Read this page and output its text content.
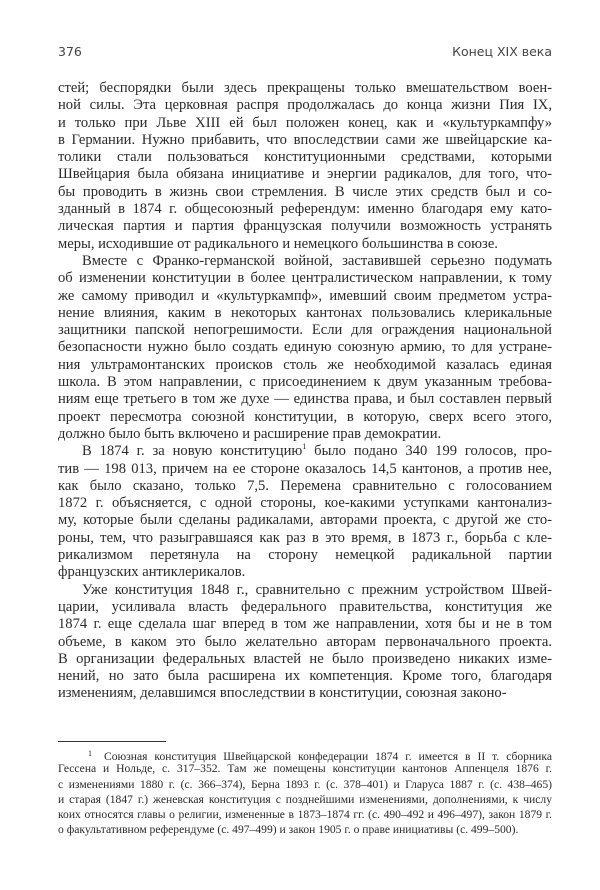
376	Конец XIX века
стей; беспорядки были здесь прекращены только вмешательством воен-
ной силы. Эта церковная распря продолжалась до конца жизни Пия IX,
и только при Льве XIII ей был положен конец, как и «культуркампфу»
в Германии. Нужно прибавить, что впоследствии сами же швейцарские ка-
толики стали пользоваться конституционными средствами, которыми
Швейцария была обязана инициативе и энергии радикалов, для того, что-
бы проводить в жизнь свои стремления. В числе этих средств был и со-
зданный в 1874 г. общесоюзный референдум: именно благодаря ему като-
лическая партия и партия французская получили возможность устранять
меры, исходившие от радикального и немецкого большинства в союзе.
Вместе с Франко-германской войной, заставившей серьезно подумать
об изменении конституции в более централистическом направлении, к тому
же самому приводил и «культуркампф», имевший своим предметом устра-
нение влияния, каким в некоторых кантонах пользовались клерикальные
защитники папской непогрешимости. Если для ограждения национальной
безопасности нужно было создать единую союзную армию, то для устране-
ния ультрамонтанских происков столь же необходимой казалась единая
школа. В этом направлении, с присоединением к двум указанным требова-
ниям еще третьего в том же духе — единства права, и был составлен первый
проект пересмотра союзной конституции, в которую, сверх всего этого,
должно было быть включено и расширение прав демократии.
В 1874 г. за новую конституцию$^1$ было подано 340 199 голосов, про-
тив — 198 013, причем на ее стороне оказалось 14,5 кантонов, а против нее,
как было сказано, только 7,5. Перемена сравнительно с голосованием
1872 г. объясняется, с одной стороны, кое-какими уступками кантонализ-
му, которые были сделаны радикалами, авторами проекта, с другой же сто-
роны, тем, что разыгравшаяся как раз в это время, в 1873 г., борьба с кле-
рикализмом перетянула на сторону немецкой радикальной партии
французских антиклерикалов.
Уже конституция 1848 г., сравнительно с прежним устройством Швей-
царии, усиливала власть федерального правительства, конституция же
1874 г. еще сделала шаг вперед в том же направлении, хотя бы и не в том
объеме, в каком это было желательно авторам первоначального проекта.
В организации федеральных властей не было произведено никаких изме-
нений, но зато была расширена их компетенция. Кроме того, благодаря
изменениям, делавшимся впоследствии в конституции, союзная законо-
$^1$ Союзная конституция Швейцарской конфедерации 1874 г. имеется в II т. сборника
Гессена и Нольде, с. 317–352. Там же помещены конституции кантонов Аппенцеля 1876 г.
с изменениями 1880 г. (с. 366–374), Берна 1893 г. (с. 378–401) и Глaруса 1887 г. (с. 438–465)
и старая (1847 г.) женевская конституция с позднейшими изменениями, дополнениями, к числу
коих относятся главы о религии, измененные в 1873–1874 гг. (с. 490–492 и 496–497), закон 1879 г.
о факультативном референдуме (с. 497–499) и закон 1905 г. о праве инициативы (с. 499–500).
